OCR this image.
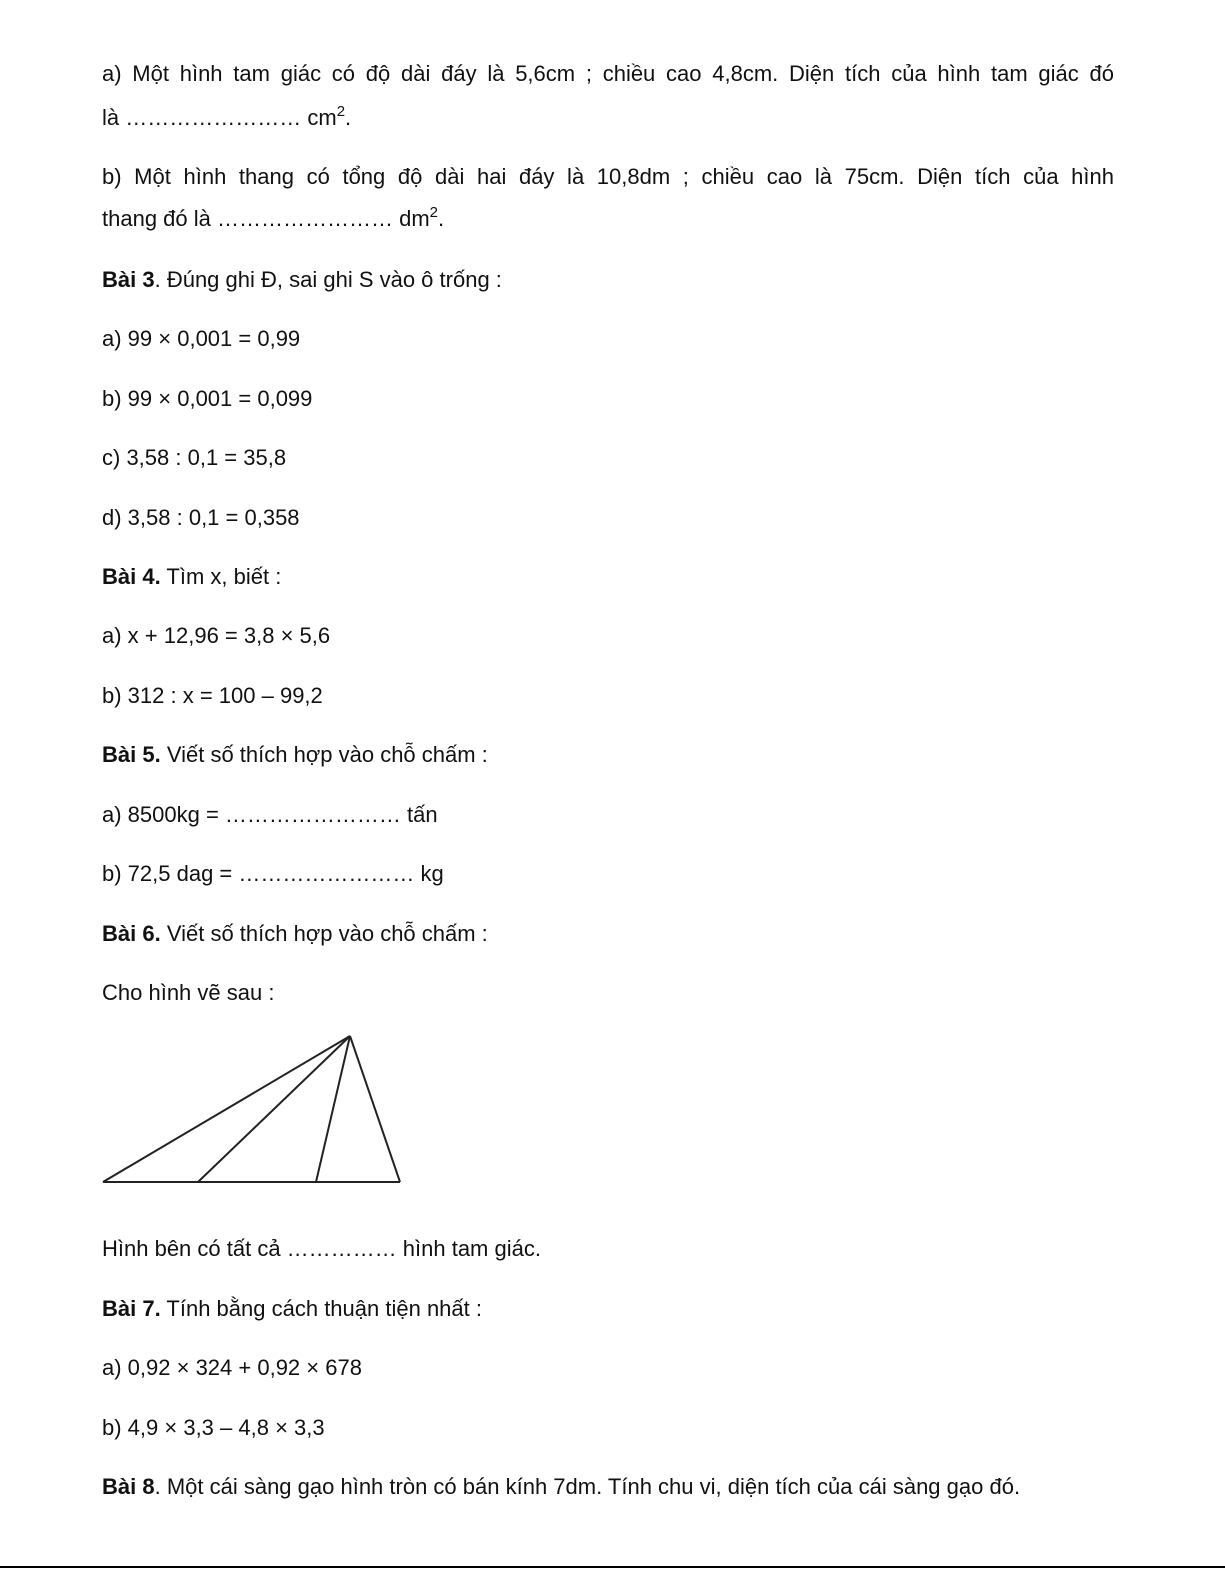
a) Một hình tam giác có độ dài đáy là 5,6cm ; chiều cao 4,8cm. Diện tích của hình tam giác đó
là …………………… $cm^2$.
b) Một hình thang có tổng độ dài hai đáy là 10,8dm ; chiều cao là 75cm. Diện tích của hình
thang đó là …………………… $dm^2$.
Bài 3. Đúng ghi Đ, sai ghi S vào ô trống :
a) 99 × 0,001 = 0,99
b) 99 × 0,001 = 0,099
c) 3,58 : 0,1 = 35,8
d) 3,58 : 0,1 = 0,358
Bài 4. Tìm x, biết :
a) x + 12,96 = 3,8 × 5,6
b) 312 : x = 100 – 99,2
Bài 5. Viết số thích hợp vào chỗ chấm :
a) 8500kg = …………………… tấn
b) 72,5 dag = …………………… kg
Bài 6. Viết số thích hợp vào chỗ chấm :
Cho hình vẽ sau :
Hình bên có tất cả …………… hình tam giác.
Bài 7. Tính bằng cách thuận tiện nhất :
a) 0,92 × 324 + 0,92 × 678
b) 4,9 × 3,3 – 4,8 × 3,3
Bài 8. Một cái sàng gạo hình tròn có bán kính 7dm. Tính chu vi, diện tích của cái sàng gạo đó.
